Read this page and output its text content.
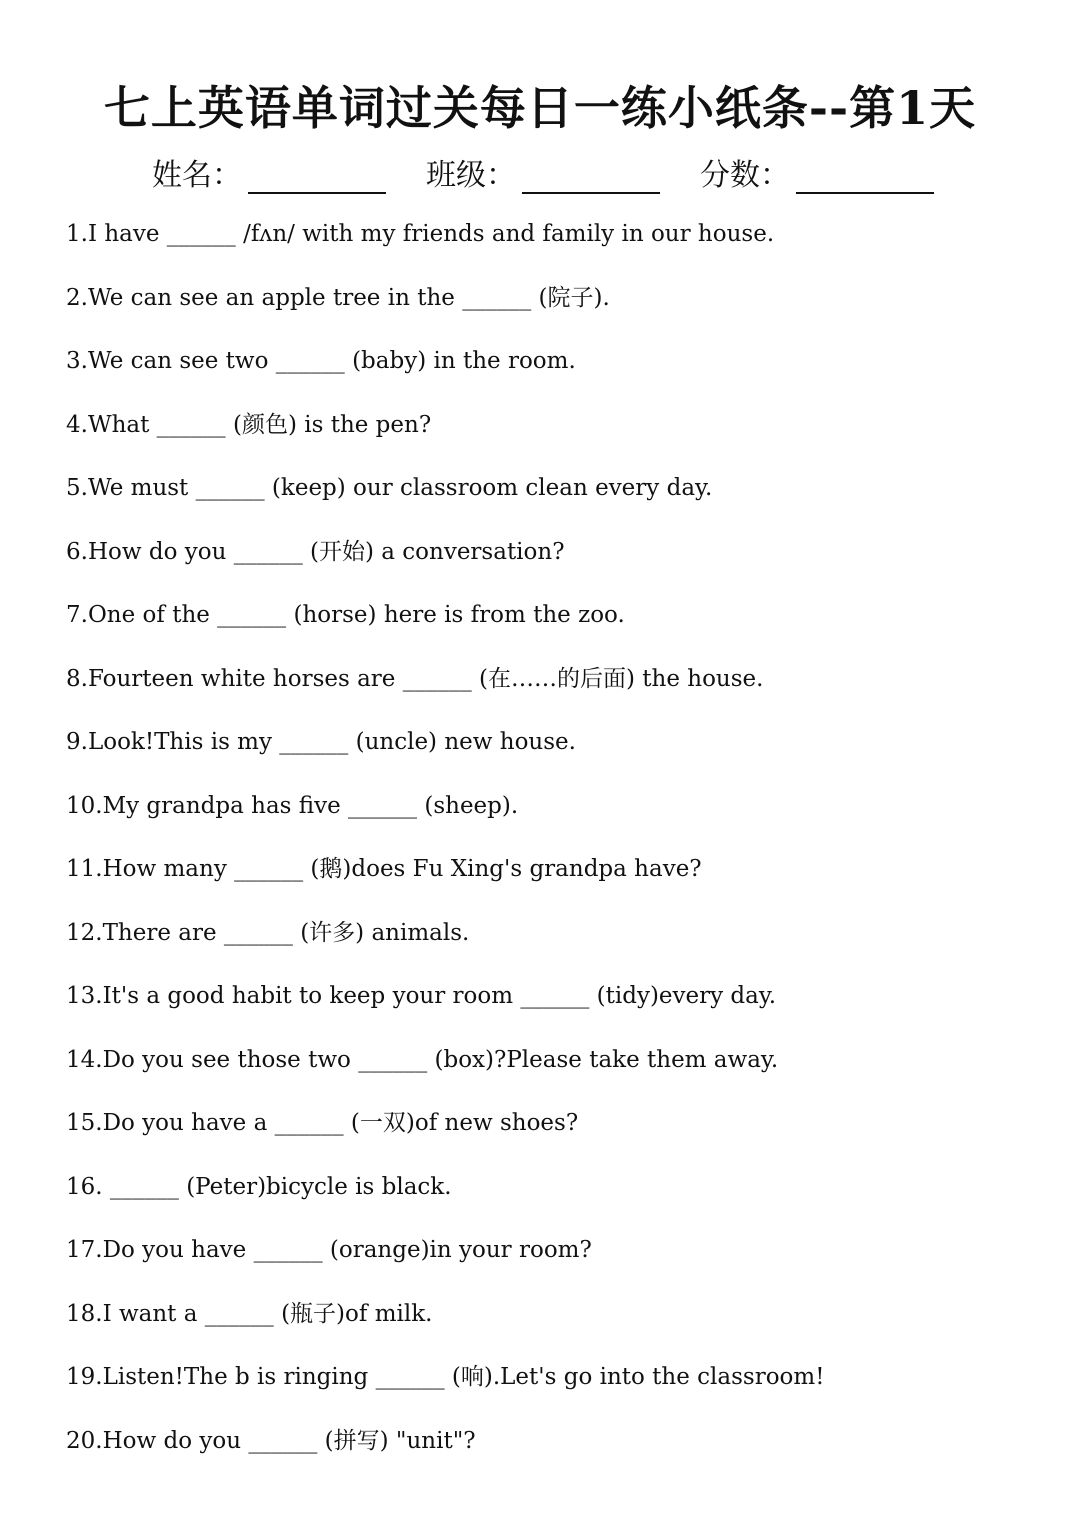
七上英语单词过关每日一练小纸条--第1天
姓名：	班级：	分数：
1.I have ______ /fʌn/ with my friends and family in our house.
2.We can see an apple tree in the ______ (院子).
3.We can see two ______ (baby) in the room.
4.What ______ (颜色) is the pen?
5.We must ______ (keep) our classroom clean every day.
6.How do you ______ (开始) a conversation?
7.One of the ______ (horse) here is from the zoo.
8.Fourteen white horses are ______ (在……的后面) the house.
9.Look!This is my ______ (uncle) new house.
10.My grandpa has five ______ (sheep).
11.How many ______ (鹅)does Fu Xing's grandpa have?
12.There are ______ (许多) animals.
13.It's a good habit to keep your room ______ (tidy)every day.
14.Do you see those two ______ (box)?Please take them away.
15.Do you have a ______ (一双)of new shoes?
16. ______ (Peter)bicycle is black.
17.Do you have ______ (orange)in your room?
18.I want a ______ (瓶子)of milk.
19.Listen!The b is ringing ______ (响).Let's go into the classroom!
20.How do you ______ (拼写) "unit"?
